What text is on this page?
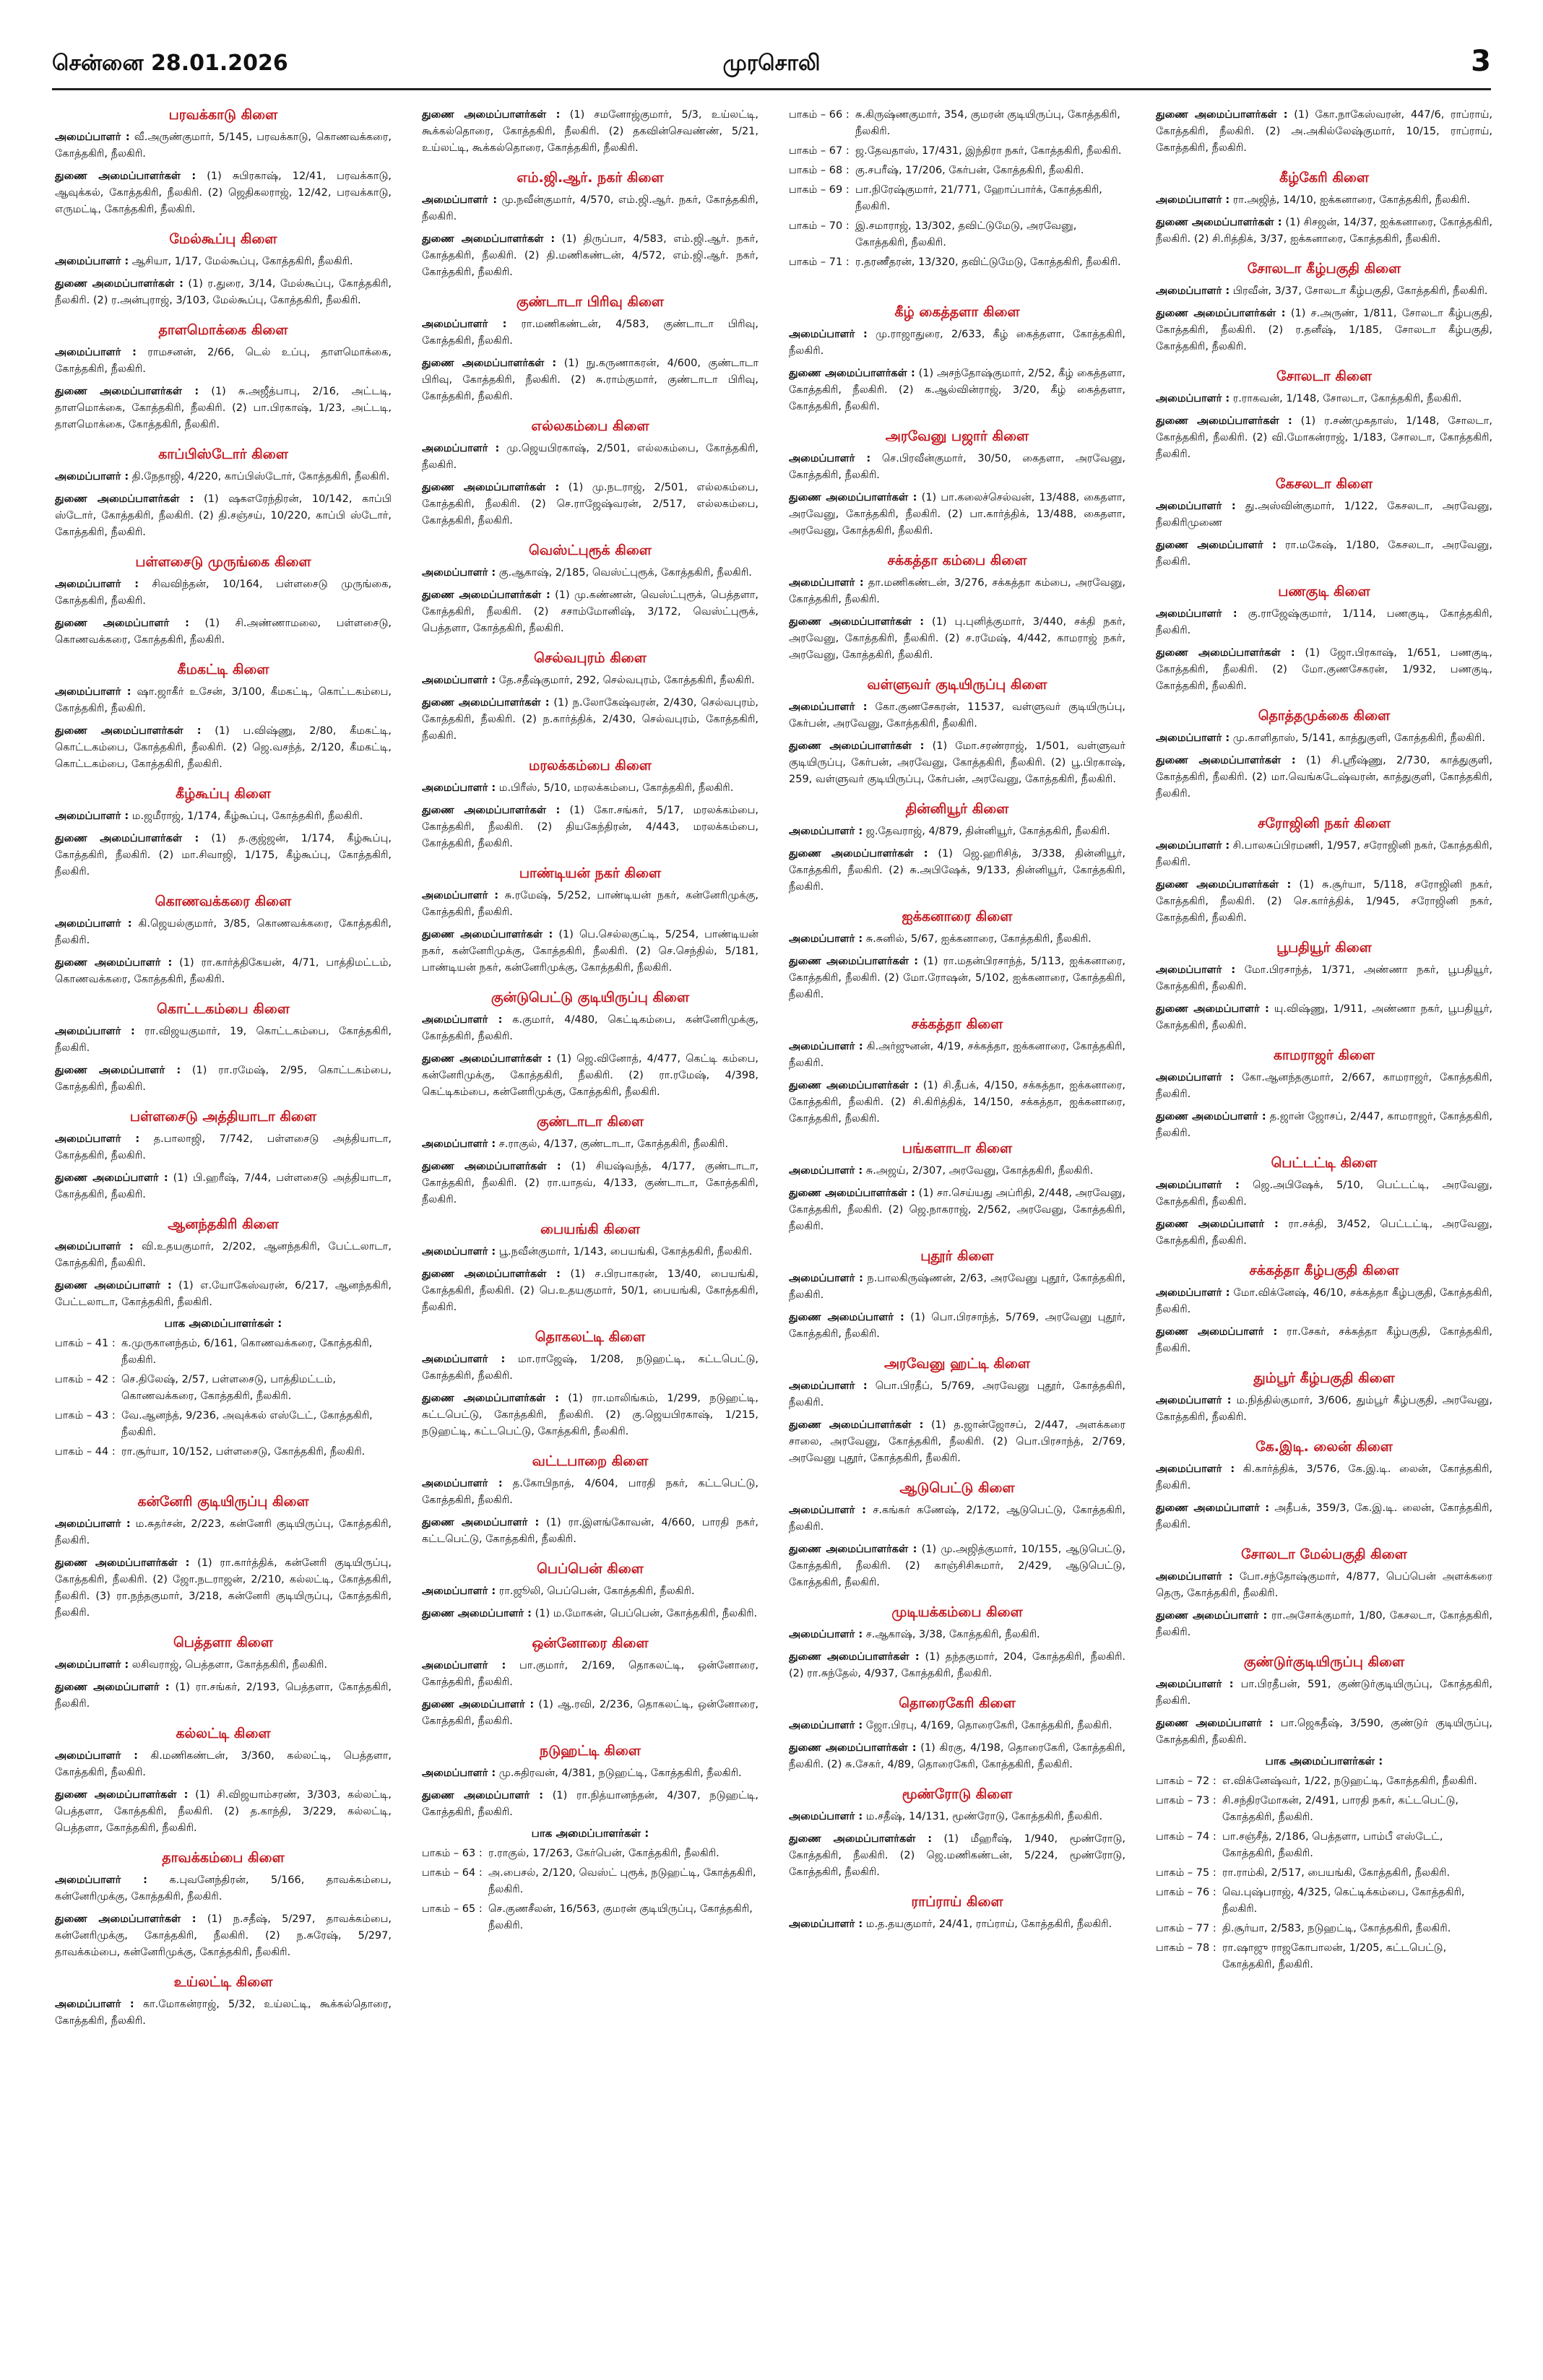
சென்னை 28.01.2026	முரசொலி	3
பரவக்காடு கிளை
அமைப்பாளர் : வீ.அருண்குமார், 5/145, பரவக்காடு, கொணவக்கரை, கோத்தகிரி, நீலகிரி.
துணை அமைப்பாளர்கள் : (1) சுபிரகாஷ், 12/41, பரவக்காடு, ஆவுக்கல், கோத்தகிரி, நீலகிரி. (2) ஜெதிகலராஜ், 12/42, பரவக்காடு, எருமட்டி, கோத்தகிரி, நீலகிரி.
மேல்கூப்பு கிளை
அமைப்பாளர் : ஆசியா, 1/17, மேல்கூப்பு, கோத்தகிரி, நீலகிரி.
துணை அமைப்பாளர்கள் : (1) ர.துரை, 3/14, மேல்கூப்பு, கோத்தகிரி, நீலகிரி. (2) ர.அன்புராஜ், 3/103, மேல்கூப்பு, கோத்தகிரி, நீலகிரி.
தாளமொக்கை கிளை
அமைப்பாளர் : ராமசனன், 2/66, டெல் உப்பு, தாளமொக்கை, கோத்தகிரி, நீலகிரி.
துணை அமைப்பாளர்கள் : (1) சு.அஜீத்பாபு, 2/16, அட்டடி, தாளமொக்கை, கோத்தகிரி, நீலகிரி. (2) பா.பிரகாஷ், 1/23, அட்டடி, தாளமொக்கை, கோத்தகிரி, நீலகிரி.
காப்பிஸ்டோர் கிளை
அமைப்பாளர் : தி.நேதாஜி, 4/220, காப்பிஸ்டோர், கோத்தகிரி, நீலகிரி.
துணை அமைப்பாளர்கள் : (1) ஷகஎரேந்திரன், 10/142, காப்பி ஸ்டோர், கோத்தகிரி, நீலகிரி. (2) தி.சஞ்சய், 10/220, காப்பி ஸ்டோர், கோத்தகிரி, நீலகிரி.
பள்ளசைடு முருங்கை கிளை
அமைப்பாளர் : சிவவிந்தன், 10/164, பள்ளசைடு முருங்கை, கோத்தகிரி, நீலகிரி.
துணை அமைப்பாளர் : (1) சி.அண்ணாமலை, பள்ளசைடு, கொணவக்கரை, கோத்தகிரி, நீலகிரி.
கீமகட்டி கிளை
அமைப்பாளர் : ஷா.ஜாகீர் உசேன், 3/100, கீமகட்டி, கொட்டகம்பை, கோத்தகிரி, நீலகிரி.
துணை அமைப்பாளர்கள் : (1) ப.விஷ்ணு, 2/80, கீமகட்டி, கொட்டகம்பை, கோத்தகிரி, நீலகிரி. (2) ஜெ.வசந்த், 2/120, கீமகட்டி, கொட்டகம்பை, கோத்தகிரி, நீலகிரி.
கீழ்கூப்பு கிளை
அமைப்பாளர் : ம.ஜமீராஜ், 1/174, கீழ்கூப்பு, கோத்தகிரி, நீலகிரி.
துணை அமைப்பாளர்கள் : (1) த.குஜ்ஜன், 1/174, கீழ்கூப்பு, கோத்தகிரி, நீலகிரி. (2) மா.சிவாஜி, 1/175, கீழ்கூப்பு, கோத்தகிரி, நீலகிரி.
கொணவக்கரை கிளை
அமைப்பாளர் : கி.ஜெயல்குமார், 3/85, கொணவக்கரை, கோத்தகிரி, நீலகிரி.
துணை அமைப்பாளர் : (1) ரா.கார்த்திகேயன், 4/71, பாத்திமட்டம், கொணவக்கரை, கோத்தகிரி, நீலகிரி.
கொட்டகம்பை கிளை
அமைப்பாளர் : ரா.விஜயகுமார், 19, கொட்டகம்பை, கோத்தகிரி, நீலகிரி.
துணை அமைப்பாளர் : (1) ரா.ரமேஷ், 2/95, கொட்டகம்பை, கோத்தகிரி, நீலகிரி.
பள்ளசைடு அத்தியாடா கிளை
அமைப்பாளர் : த.பாலாஜி, 7/742, பள்ளசைடு அத்தியாடா, கோத்தகிரி, நீலகிரி.
துணை அமைப்பாளர் : (1) பி.ஹரீஷ், 7/44, பள்ளசைடு அத்தியாடா, கோத்தகிரி, நீலகிரி.
ஆனந்தகிரி கிளை
அமைப்பாளர் : வி.உதயகுமார், 2/202, ஆனந்தகிரி, பேட்டலாடா, கோத்தகிரி, நீலகிரி.
துணை அமைப்பாளர் : (1) எ.யோகேஸ்வரன், 6/217, ஆனந்தகிரி, பேட்டலாடா, கோத்தகிரி, நீலகிரி.
பாக அமைப்பாளர்கள் :
பாகம் – 41 : க.முருகானந்தம், 6/161, கொணவக்கரை, கோத்தகிரி, நீலகிரி.
பாகம் – 42 : செ.திலேஷ், 2/57, பள்ளசைடு, பாத்திமட்டம், கொணவக்கரை, கோத்தகிரி, நீலகிரி.
பாகம் – 43 : வே.ஆனந்த், 9/236, அவுக்கல் எஸ்டேட், கோத்தகிரி, நீலகிரி.
பாகம் – 44 : ரா.சூர்யா, 10/152, பள்ளசைடு, கோத்தகிரி, நீலகிரி.
கன்னேரி குடியிருப்பு கிளை
அமைப்பாளர் : ம.சுதர்சன், 2/223, கன்னேரி குடியிருப்பு, கோத்தகிரி, நீலகிரி.
துணை அமைப்பாளர்கள் : (1) ரா.கார்த்திக், கன்னேரி குடியிருப்பு, கோத்தகிரி, நீலகிரி. (2) ஜோ.நடராஜன், 2/210, கல்லட்டி, கோத்தகிரி, நீலகிரி. (3) ரா.நந்தகுமார், 3/218, கன்னேரி குடியிருப்பு, கோத்தகிரி, நீலகிரி.
பெத்தளா கிளை
அமைப்பாளர் : லசிவராஜ், பெத்தளா, கோத்தகிரி, நீலகிரி.
துணை அமைப்பாளர் : (1) ரா.சங்கர், 2/193, பெத்தளா, கோத்தகிரி, நீலகிரி.
கல்லட்டி கிளை
அமைப்பாளர் : கி.மணிகண்டன், 3/360, கல்லட்டி, பெத்தளா, கோத்தகிரி, நீலகிரி.
துணை அமைப்பாளர்கள் : (1) சி.விஜயாம்சரண், 3/303, கல்லட்டி, பெத்தளா, கோத்தகிரி, நீலகிரி. (2) த.காந்தி, 3/229, கல்லட்டி, பெத்தளா, கோத்தகிரி, நீலகிரி.
தாவக்கம்பை கிளை
அமைப்பாளர் : க.புவனேந்திரன், 5/166, தாவக்கம்பை, கன்னேரிமுக்கு, கோத்தகிரி, நீலகிரி.
துணை அமைப்பாளர்கள் : (1) ந.சதீஷ், 5/297, தாவக்கம்பை, கன்னேரிமுக்கு, கோத்தகிரி, நீலகிரி. (2) ந.சுரேஷ், 5/297, தாவக்கம்பை, கன்னேரிமுக்கு, கோத்தகிரி, நீலகிரி.
உய்லட்டி கிளை
அமைப்பாளர் : கா.மோகன்ராஜ், 5/32, உய்லட்டி, கூக்கல்தொரை, கோத்தகிரி, நீலகிரி.
துணை அமைப்பாளர்கள் : (1) சமனோஜ்குமார், 5/3, உய்லட்டி, கூக்கல்தொரை, கோத்தகிரி, நீலகிரி. (2) தகவின்செவண்ண், 5/21, உய்லட்டி, கூக்கல்தொரை, கோத்தகிரி, நீலகிரி.
எம்.ஜி.ஆர். நகர் கிளை
அமைப்பாளர் : மு.நவீன்குமார், 4/570, எம்.ஜி.ஆர். நகர், கோத்தகிரி, நீலகிரி.
துணை அமைப்பாளர்கள் : (1) திருப்பா, 4/583, எம்.ஜி.ஆர். நகர், கோத்தகிரி, நீலகிரி. (2) தி.மணிகண்டன், 4/572, எம்.ஜி.ஆர். நகர், கோத்தகிரி, நீலகிரி.
குண்டாடா பிரிவு கிளை
அமைப்பாளர் : ரா.மணிகண்டன், 4/583, குண்டாடா பிரிவு, கோத்தகிரி, நீலகிரி.
துணை அமைப்பாளர்கள் : (1) நு.கருணாகரன், 4/600, குண்டாடா பிரிவு, கோத்தகிரி, நீலகிரி. (2) சு.ராம்குமார், குண்டாடா பிரிவு, கோத்தகிரி, நீலகிரி.
எல்லகம்பை கிளை
அமைப்பாளர் : மு.ஜெயபிரகாஷ், 2/501, எல்லகம்பை, கோத்தகிரி, நீலகிரி.
துணை அமைப்பாளர்கள் : (1) மு.நடராஜ், 2/501, எல்லகம்பை, கோத்தகிரி, நீலகிரி. (2) செ.ராஜேஷ்வரன், 2/517, எல்லகம்பை, கோத்தகிரி, நீலகிரி.
வெஸ்ட்புரூக் கிளை
அமைப்பாளர் : கு.ஆகாஷ், 2/185, வெஸ்ட்புரூக், கோத்தகிரி, நீலகிரி.
துணை அமைப்பாளர்கள் : (1) மு.கண்ணன், வெஸ்ட்புரூக், பெத்தளா, கோத்தகிரி, நீலகிரி. (2) சசாம்மோனிஷ், 3/172, வெஸ்ட்புரூக், பெத்தளா, கோத்தகிரி, நீலகிரி.
செல்வபுரம் கிளை
அமைப்பாளர் : தே.சதீஷ்குமார், 292, செல்வபுரம், கோத்தகிரி, நீலகிரி.
துணை அமைப்பாளர்கள் : (1) ந.லோகேஷ்வரன், 2/430, செல்வபுரம், கோத்தகிரி, நீலகிரி. (2) ந.கார்த்திக், 2/430, செல்வபுரம், கோத்தகிரி, நீலகிரி.
மரலக்கம்பை கிளை
அமைப்பாளர் : ம.பிரீஸ், 5/10, மரலக்கம்பை, கோத்தகிரி, நீலகிரி.
துணை அமைப்பாளர்கள் : (1) கோ.சங்கர், 5/17, மரலக்கம்பை, கோத்தகிரி, நீலகிரி. (2) தியகேந்திரன், 4/443, மரலக்கம்பை, கோத்தகிரி, நீலகிரி.
பாண்டியன் நகர் கிளை
அமைப்பாளர் : சு.ரமேஷ், 5/252, பாண்டியன் நகர், கன்னேரிமுக்கு, கோத்தகிரி, நீலகிரி.
துணை அமைப்பாளர்கள் : (1) பெ.செல்லகுட்டி, 5/254, பாண்டியன் நகர், கன்னேரிமுக்கு, கோத்தகிரி, நீலகிரி. (2) செ.செந்தில், 5/181, பாண்டியன் நகர், கன்னேரிமுக்கு, கோத்தகிரி, நீலகிரி.
குன்டுபெட்டு குடியிருப்பு கிளை
அமைப்பாளர் : க.குமார், 4/480, கெட்டிகம்பை, கன்னேரிமுக்கு, கோத்தகிரி, நீலகிரி.
துணை அமைப்பாளர்கள் : (1) ஜெ.வினோத், 4/477, கெட்டி கம்பை, கன்னேரிமுக்கு, கோத்தகிரி, நீலகிரி. (2) ரா.ரமேஷ், 4/398, கெட்டிகம்பை, கன்னேரிமுக்கு, கோத்தகிரி, நீலகிரி.
குண்டாடா கிளை
அமைப்பாளர் : ச.ராகுல், 4/137, குண்டாடா, கோத்தகிரி, நீலகிரி.
துணை அமைப்பாளர்கள் : (1) சியஷ்வந்த், 4/177, குண்டாடா, கோத்தகிரி, நீலகிரி. (2) ரா.யாதவ், 4/133, குண்டாடா, கோத்தகிரி, நீலகிரி.
பையங்கி கிளை
அமைப்பாளர் : பூ.நவீன்குமார், 1/143, பையங்கி, கோத்தகிரி, நீலகிரி.
துணை அமைப்பாளர்கள் : (1) ச.பிரபாகரன், 13/40, பையங்கி, கோத்தகிரி, நீலகிரி. (2) பெ.உதயகுமார், 50/1, பையங்கி, கோத்தகிரி, நீலகிரி.
தொகலட்டி கிளை
அமைப்பாளர் : மா.ராஜேஷ், 1/208, நடுஹட்டி, கட்டபெட்டு, கோத்தகிரி, நீலகிரி.
துணை அமைப்பாளர்கள் : (1) ரா.மாலிங்கம், 1/299, நடுஹட்டி, கட்டபெட்டு, கோத்தகிரி, நீலகிரி. (2) கு.ஜெயபிரகாஷ், 1/215, நடுஹட்டி, கட்டபெட்டு, கோத்தகிரி, நீலகிரி.
வட்டபாறை கிளை
அமைப்பாளர் : த.கோபிநாத், 4/604, பாரதி நகர், கட்டபெட்டு, கோத்தகிரி, நீலகிரி.
துணை அமைப்பாளர் : (1) ரா.இளங்கோவன், 4/660, பாரதி நகர், கட்டபெட்டு, கோத்தகிரி, நீலகிரி.
பெப்பென் கிளை
அமைப்பாளர் : ரா.ஜூலி, பெப்பென், கோத்தகிரி, நீலகிரி.
துணை அமைப்பாளர் : (1) ம.மோகன், பெப்பென், கோத்தகிரி, நீலகிரி.
ஒன்னோரை கிளை
அமைப்பாளர் : பா.குமார், 2/169, தொகலட்டி, ஒன்னோரை, கோத்தகிரி, நீலகிரி.
துணை அமைப்பாளர் : (1) ஆ.ரவி, 2/236, தொகலட்டி, ஒன்னோரை, கோத்தகிரி, நீலகிரி.
நடுஹட்டி கிளை
அமைப்பாளர் : மு.சுதிரவன், 4/381, நடுஹட்டி, கோத்தகிரி, நீலகிரி.
துணை அமைப்பாளர் : (1) ரா.நித்யானந்தன், 4/307, நடுஹட்டி, கோத்தகிரி, நீலகிரி.
பாக அமைப்பாளர்கள் :
பாகம் – 63 : ர.ராகுல், 17/263, கேர்பென், கோத்தகிரி, நீலகிரி.
பாகம் – 64 : அ.பைசல், 2/120, வெஸ்ட் புரூக், நடுஹட்டி, கோத்தகிரி, நீலகிரி.
பாகம் – 65 : செ.குணசீலன், 16/563, குமரன் குடியிருப்பு, கோத்தகிரி, நீலகிரி.
பாகம் – 66 : சு.கிருஷ்ணகுமார், 354, குமரன் குடியிருப்பு, கோத்தகிரி, நீலகிரி.
பாகம் – 67 : ஜ.தேவதாஸ், 17/431, இந்திரா நகர், கோத்தகிரி, நீலகிரி.
பாகம் – 68 : கு.சபரீஷ், 17/206, கேர்பன், கோத்தகிரி, நீலகிரி.
பாகம் – 69 : பா.நிரேஷ்குமார், 21/771, ஹோப்பார்க், கோத்தகிரி, நீலகிரி.
பாகம் – 70 : இ.சமாராஜ், 13/302, தவிட்டுமேடு, அரவேனு, கோத்தகிரி, நீலகிரி.
பாகம் – 71 : ர.தரணீதரன், 13/320, தவிட்டுமேடு, கோத்தகிரி, நீலகிரி.
கீழ் கைத்தளா கிளை
அமைப்பாளர் : மு.ராஜாதுரை, 2/633, கீழ் கைத்தளா, கோத்தகிரி, நீலகிரி.
துணை அமைப்பாளர்கள் : (1) அசந்தோஷ்குமார், 2/52, கீழ் கைத்தளா, கோத்தகிரி, நீலகிரி. (2) க.ஆல்வின்ராஜ், 3/20, கீழ் கைத்தளா, கோத்தகிரி, நீலகிரி.
அரவேனு பஜார் கிளை
அமைப்பாளர் : செ.பிரவீன்குமார், 30/50, கைதளா, அரவேனு, கோத்தகிரி, நீலகிரி.
துணை அமைப்பாளர்கள் : (1) பா.கலைச்செல்வன், 13/488, கைதளா, அரவேனு, கோத்தகிரி, நீலகிரி. (2) பா.கார்த்திக், 13/488, கைதளா, அரவேனு, கோத்தகிரி, நீலகிரி.
சக்கத்தா கம்பை கிளை
அமைப்பாளர் : தா.மணிகண்டன், 3/276, சக்கத்தா கம்பை, அரவேனு, கோத்தகிரி, நீலகிரி.
துணை அமைப்பாளர்கள் : (1) பு.புனித்குமார், 3/440, சக்தி நகர், அரவேனு, கோத்தகிரி, நீலகிரி. (2) ச.ரமேஷ், 4/442, காமராஜ் நகர், அரவேனு, கோத்தகிரி, நீலகிரி.
வள்ளுவர் குடியிருப்பு கிளை
அமைப்பாளர் : கோ.குணசேகரன், 11537, வள்ளுவர் குடியிருப்பு, கேர்பன், அரவேனு, கோத்தகிரி, நீலகிரி.
துணை அமைப்பாளர்கள் : (1) மோ.சரண்ராஜ், 1/501, வள்ளுவர் குடியிருப்பு, கேர்பன், அரவேனு, கோத்தகிரி, நீலகிரி. (2) பூ.பிரகாஷ், 259, வள்ளுவர் குடியிருப்பு, கேர்பன், அரவேனு, கோத்தகிரி, நீலகிரி.
தின்னியூர் கிளை
அமைப்பாளர் : ஜ.தேவராஜ், 4/879, தின்னியூர், கோத்தகிரி, நீலகிரி.
துணை அமைப்பாளர்கள் : (1) ஜெ.ஹரிசித், 3/338, தின்னியூர், கோத்தகிரி, நீலகிரி. (2) சு.அபிஷேக், 9/133, தின்னியூர், கோத்தகிரி, நீலகிரி.
ஐக்கனாரை கிளை
அமைப்பாளர் : சு.சுனில், 5/67, ஐக்கனாரை, கோத்தகிரி, நீலகிரி.
துணை அமைப்பாளர்கள் : (1) ரா.மதன்பிரசாந்த், 5/113, ஐக்கனாரை, கோத்தகிரி, நீலகிரி. (2) மோ.ரோஷன், 5/102, ஐக்கனாரை, கோத்தகிரி, நீலகிரி.
சக்கத்தா கிளை
அமைப்பாளர் : கி.அர்ஜுனன், 4/19, சக்கத்தா, ஐக்கனாரை, கோத்தகிரி, நீலகிரி.
துணை அமைப்பாளர்கள் : (1) சி.தீபக், 4/150, சக்கத்தா, ஐக்கனாரை, கோத்தகிரி, நீலகிரி. (2) சி.கிரித்திக், 14/150, சக்கத்தா, ஐக்கனாரை, கோத்தகிரி, நீலகிரி.
பங்களாடா கிளை
அமைப்பாளர் : சு.அஜய், 2/307, அரவேனு, கோத்தகிரி, நீலகிரி.
துணை அமைப்பாளர்கள் : (1) சா.செய்யது அப்ரிதி, 2/448, அரவேனு, கோத்தகிரி, நீலகிரி. (2) ஜெ.நாகராஜ், 2/562, அரவேனு, கோத்தகிரி, நீலகிரி.
புதூர் கிளை
அமைப்பாளர் : ந.பாலகிருஷ்ணன், 2/63, அரவேனு புதூர், கோத்தகிரி, நீலகிரி.
துணை அமைப்பாளர் : (1) பொ.பிரசாந்த், 5/769, அரவேனு புதூர், கோத்தகிரி, நீலகிரி.
அரவேனு ஹட்டி கிளை
அமைப்பாளர் : பொ.பிரதீப், 5/769, அரவேனு புதூர், கோத்தகிரி, நீலகிரி.
துணை அமைப்பாளர்கள் : (1) த.ஜான்ஜோசப், 2/447, அளக்கரை சாலை, அரவேனு, கோத்தகிரி, நீலகிரி. (2) பொ.பிரசாந்த், 2/769, அரவேனு புதூர், கோத்தகிரி, நீலகிரி.
ஆடுபெட்டு கிளை
அமைப்பாளர் : ச.கங்கர் கணேஷ், 2/172, ஆடுபெட்டு, கோத்தகிரி, நீலகிரி.
துணை அமைப்பாளர்கள் : (1) மு.அஜித்குமார், 10/155, ஆடுபெட்டு, கோத்தகிரி, நீலகிரி. (2) காஞ்சிசிசுமார், 2/429, ஆடுபெட்டு, கோத்தகிரி, நீலகிரி.
முடியக்கம்பை கிளை
அமைப்பாளர் : ச.ஆகாஷ், 3/38, கோத்தகிரி, நீலகிரி.
துணை அமைப்பாளர்கள் : (1) தந்தகுமார், 204, கோத்தகிரி, நீலகிரி. (2) ரா.சுந்தேல், 4/937, கோத்தகிரி, நீலகிரி.
தொரைகேரி கிளை
அமைப்பாளர் : ஜோ.பிரபு, 4/169, தொரைகேரி, கோத்தகிரி, நீலகிரி.
துணை அமைப்பாளர்கள் : (1) கிரகு, 4/198, தொரைகேரி, கோத்தகிரி, நீலகிரி. (2) சு.சேகர், 4/89, தொரைகேரி, கோத்தகிரி, நீலகிரி.
மூண்ரோடு கிளை
அமைப்பாளர் : ம.சதீஷ், 14/131, மூண்ரோடு, கோத்தகிரி, நீலகிரி.
துணை அமைப்பாளர்கள் : (1) மீஹரீஷ், 1/940, மூண்ரோடு, கோத்தகிரி, நீலகிரி. (2) ஜெ.மணிகண்டன், 5/224, மூண்ரோடு, கோத்தகிரி, நீலகிரி.
ராப்ராய் கிளை
அமைப்பாளர் : ம.த.தயகுமார், 24/41, ராப்ராய், கோத்தகிரி, நீலகிரி.
துணை அமைப்பாளர்கள் : (1) கோ.நாகேஸ்வரன், 447/6, ராப்ராய், கோத்தகிரி, நீலகிரி. (2) அ.அகில்லேஷ்குமார், 10/15, ராப்ராய், கோத்தகிரி, நீலகிரி.
கீழ்கேரி கிளை
அமைப்பாளர் : ரா.அஜித், 14/10, ஐக்கனாரை, கோத்தகிரி, நீலகிரி.
துணை அமைப்பாளர்கள் : (1) சிசஜன், 14/37, ஐக்கனாரை, கோத்தகிரி, நீலகிரி. (2) சி.ரித்திக், 3/37, ஐக்கனாரை, கோத்தகிரி, நீலகிரி.
சோலடா கீழ்பகுதி கிளை
அமைப்பாளர் : பிரவீன், 3/37, சோலடா கீழ்பகுதி, கோத்தகிரி, நீலகிரி.
துணை அமைப்பாளர்கள் : (1) ச.அருண், 1/811, சோலடா கீழ்பகுதி, கோத்தகிரி, நீலகிரி. (2) ர.தனீஷ், 1/185, சோலடா கீழ்பகுதி, கோத்தகிரி, நீலகிரி.
சோலடா கிளை
அமைப்பாளர் : ர.ராகவன், 1/148, சோலடா, கோத்தகிரி, நீலகிரி.
துணை அமைப்பாளர்கள் : (1) ர.சண்முகதாஸ், 1/148, சோலடா, கோத்தகிரி, நீலகிரி. (2) வி.மோகன்ராஜ், 1/183, சோலடா, கோத்தகிரி, நீலகிரி.
கேசலடா கிளை
அமைப்பாளர் : து.அஸ்வின்குமார், 1/122, கேசலடா, அரவேனு, நீலகிரிமுணை
துணை அமைப்பாளர் : ரா.மகேஷ், 1/180, கேசலடா, அரவேனு, நீலகிரி.
பணகுடி கிளை
அமைப்பாளர் : கு.ராஜேஷ்குமார், 1/114, பணகுடி, கோத்தகிரி, நீலகிரி.
துணை அமைப்பாளர்கள் : (1) ஜோ.பிரகாஷ், 1/651, பணகுடி, கோத்தகிரி, நீலகிரி. (2) மோ.குணசேகரன், 1/932, பணகுடி, கோத்தகிரி, நீலகிரி.
தொத்தமுக்கை கிளை
அமைப்பாளர் : மு.காளிதாஸ், 5/141, காத்துகுளி, கோத்தகிரி, நீலகிரி.
துணை அமைப்பாளர்கள் : (1) சி.ஸ்ரீஷ்ணு, 2/730, காத்துகுளி, கோத்தகிரி, நீலகிரி. (2) மா.வெங்கடேஷ்வரன், காத்துகுளி, கோத்தகிரி, நீலகிரி.
சரோஜினி நகர் கிளை
அமைப்பாளர் : சி.பாலசுப்பிரமணி, 1/957, சரோஜினி நகர், கோத்தகிரி, நீலகிரி.
துணை அமைப்பாளர்கள் : (1) சு.சூர்யா, 5/118, சரோஜினி நகர், கோத்தகிரி, நீலகிரி. (2) செ.கார்த்திக், 1/945, சரோஜினி நகர், கோத்தகிரி, நீலகிரி.
பூபதியூர் கிளை
அமைப்பாளர் : மோ.பிரசாந்த், 1/371, அண்ணா நகர், பூபதியூர், கோத்தகிரி, நீலகிரி.
துணை அமைப்பாளர் : யு.விஷ்ணு, 1/911, அண்ணா நகர், பூபதியூர், கோத்தகிரி, நீலகிரி.
காமராஜர் கிளை
அமைப்பாளர் : கோ.ஆனந்தகுமார், 2/667, காமராஜர், கோத்தகிரி, நீலகிரி.
துணை அமைப்பாளர் : த.ஜான் ஜோசப், 2/447, காமராஜர், கோத்தகிரி, நீலகிரி.
பெட்டட்டி கிளை
அமைப்பாளர் : ஜெ.அபிஷேக், 5/10, பெட்டட்டி, அரவேனு, கோத்தகிரி, நீலகிரி.
துணை அமைப்பாளர் : ரா.சக்தி, 3/452, பெட்டட்டி, அரவேனு, கோத்தகிரி, நீலகிரி.
சக்கத்தா கீழ்பகுதி கிளை
அமைப்பாளர் : மோ.விக்னேஷ், 46/10, சக்கத்தா கீழ்பகுதி, கோத்தகிரி, நீலகிரி.
துணை அமைப்பாளர் : ரா.சேகர், சக்கத்தா கீழ்பகுதி, கோத்தகிரி, நீலகிரி.
தும்பூர் கீழ்பகுதி கிளை
அமைப்பாளர் : ம.நித்தில்குமார், 3/606, தும்பூர் கீழ்பகுதி, அரவேனு, கோத்தகிரி, நீலகிரி.
கே.இடி. லைன் கிளை
அமைப்பாளர் : கி.கார்த்திக், 3/576, கே.இ.டி. லைன், கோத்தகிரி, நீலகிரி.
துணை அமைப்பாளர் : அதீபக், 359/3, கே.இ.டி. லைன், கோத்தகிரி, நீலகிரி.
சோலடா மேல்பகுதி கிளை
அமைப்பாளர் : போ.சந்தோஷ்குமார், 4/877, பெப்பென் அளக்கரை தெரு, கோத்தகிரி, நீலகிரி.
துணை அமைப்பாளர் : ரா.அசோக்குமார், 1/80, கேசலடா, கோத்தகிரி, நீலகிரி.
குண்டுர்குடியிருப்பு கிளை
அமைப்பாளர் : பா.பிரதீபன், 591, குண்டுர்குடியிருப்பு, கோத்தகிரி, நீலகிரி.
துணை அமைப்பாளர் : பா.ஜெகதீஷ், 3/590, குண்டுர் குடியிருப்பு, கோத்தகிரி, நீலகிரி.
பாக அமைப்பாளர்கள் :
பாகம் – 72 : எ.விக்னேஷ்வர், 1/22, நடுஹட்டி, கோத்தகிரி, நீலகிரி.
பாகம் – 73 : சி.சந்திரமோகன், 2/491, பாரதி நகர், கட்டபெட்டு, கோத்தகிரி, நீலகிரி.
பாகம் – 74 : பா.சஞ்சீத், 2/186, பெத்தளா, பாம்பீ எஸ்டேட், கோத்தகிரி, நீலகிரி.
பாகம் – 75 : ரா.ராம்கி, 2/517, பையங்கி, கோத்தகிரி, நீலகிரி.
பாகம் – 76 : வெ.புஷ்பராஜ், 4/325, கெட்டிக்கம்பை, கோத்தகிரி, நீலகிரி.
பாகம் – 77 : தி.சூர்யா, 2/583, நடுஹட்டி, கோத்தகிரி, நீலகிரி.
பாகம் – 78 : ரா.ஷாஜு ராஜகோபாலன், 1/205, கட்டபெட்டு, கோத்தகிரி, நீலகிரி.
